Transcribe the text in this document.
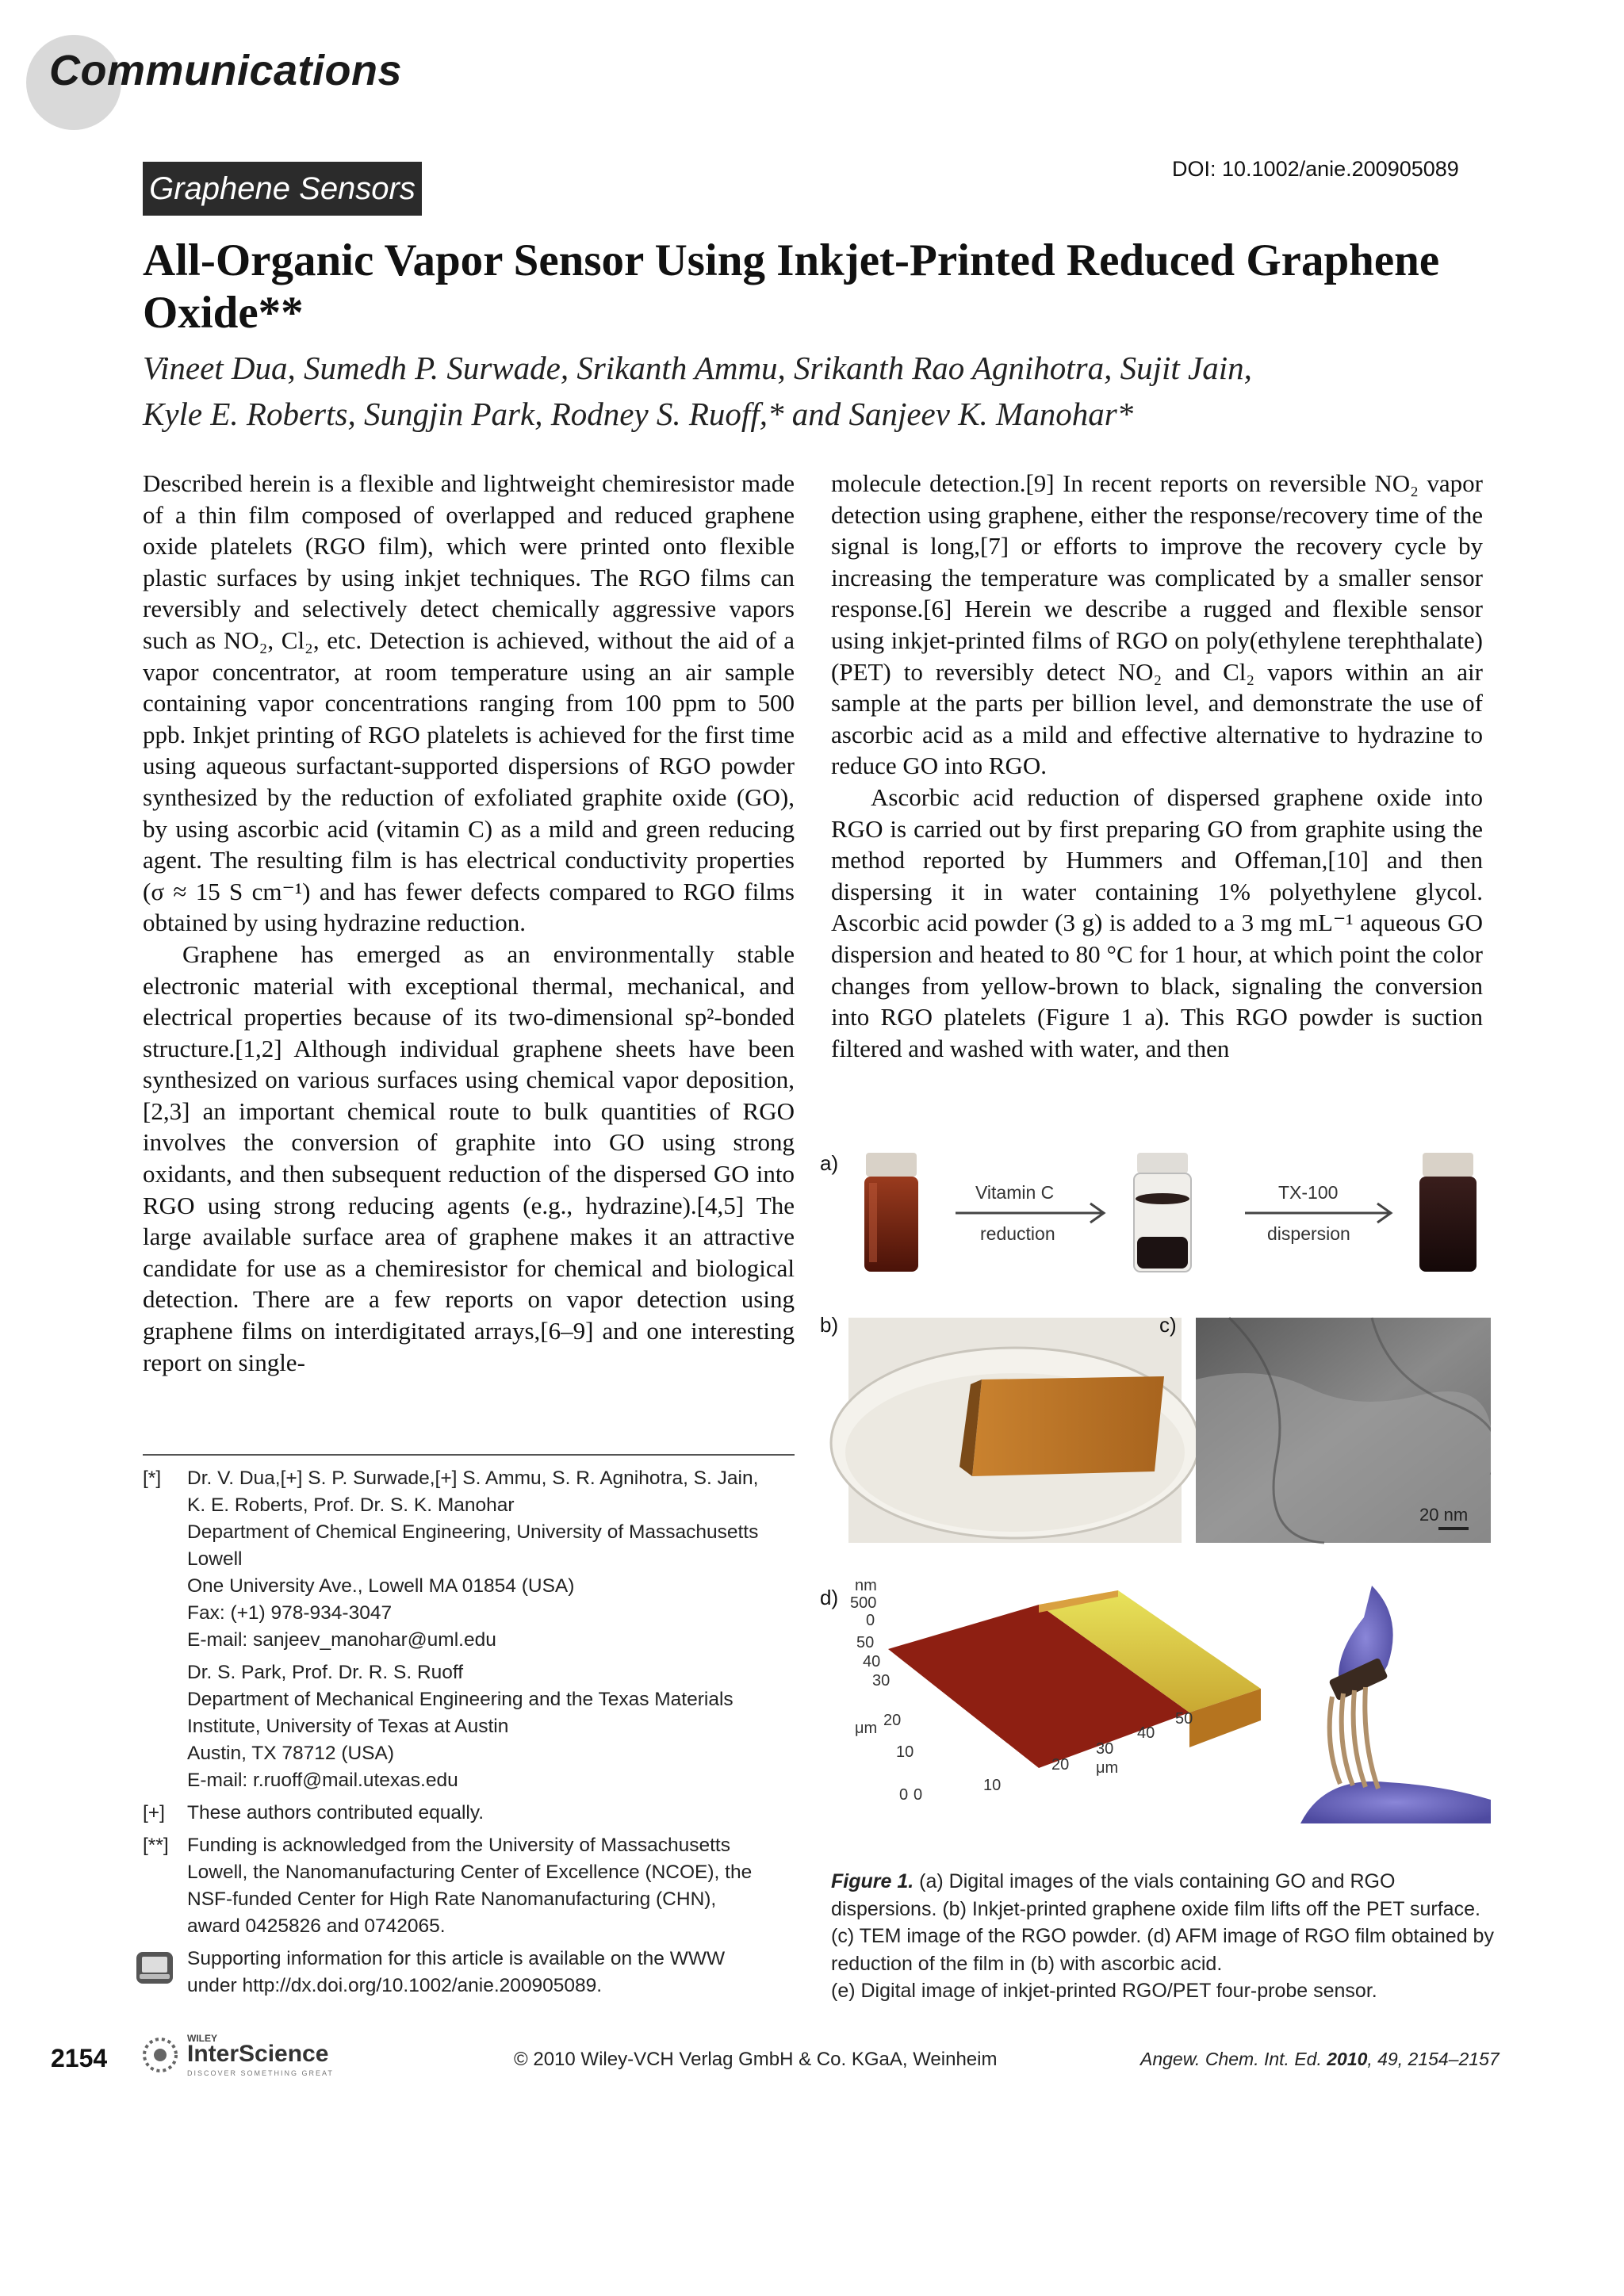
Communications
Graphene Sensors
DOI: 10.1002/anie.200905089
All-Organic Vapor Sensor Using Inkjet-Printed Reduced Graphene Oxide**
Vineet Dua, Sumedh P. Surwade, Srikanth Ammu, Srikanth Rao Agnihotra, Sujit Jain,
Kyle E. Roberts, Sungjin Park, Rodney S. Ruoff,* and Sanjeev K. Manohar*

Described herein is a flexible and lightweight chemiresistor made of a thin film composed of overlapped and reduced graphene oxide platelets (RGO film), which were printed onto flexible plastic surfaces by using inkjet techniques. The RGO films can reversibly and selectively detect chemically aggressive vapors such as NO₂, Cl₂, etc. Detection is achieved, without the aid of a vapor concentrator, at room temperature using an air sample containing vapor concentrations ranging from 100 ppm to 500 ppb. Inkjet printing of RGO platelets is achieved for the first time using aqueous surfactant-supported dispersions of RGO powder synthesized by the reduction of exfoliated graphite oxide (GO), by using ascorbic acid (vitamin C) as a mild and green reducing agent. The resulting film is has electrical conductivity properties (σ ≈ 15 S cm⁻¹) and has fewer defects compared to RGO films obtained by using hydrazine reduction.

Graphene has emerged as an environmentally stable electronic material with exceptional thermal, mechanical, and electrical properties because of its two-dimensional sp²-bonded structure.[1,2] Although individual graphene sheets have been synthesized on various surfaces using chemical vapor deposition,[2,3] an important chemical route to bulk quantities of RGO involves the conversion of graphite into GO using strong oxidants, and then subsequent reduction of the dispersed GO into RGO using strong reducing agents (e.g., hydrazine).[4,5] The large available surface area of graphene makes it an attractive candidate for use as a chemiresistor for chemical and biological detection. There are a few reports on vapor detection using graphene films on interdigitated arrays,[6–9] and one interesting report on single-

molecule detection.[9] In recent reports on reversible NO₂ vapor detection using graphene, either the response/recovery time of the signal is long,[7] or efforts to improve the recovery cycle by increasing the temperature was complicated by a smaller sensor response.[6] Herein we describe a rugged and flexible sensor using inkjet-printed films of RGO on poly(ethylene terephthalate) (PET) to reversibly detect NO₂ and Cl₂ vapors within an air sample at the parts per billion level, and demonstrate the use of ascorbic acid as a mild and effective alternative to hydrazine to reduce GO into RGO.

Ascorbic acid reduction of dispersed graphene oxide into RGO is carried out by first preparing GO from graphite using the method reported by Hummers and Offeman,[10] and then dispersing it in water containing 1% polyethylene glycol. Ascorbic acid powder (3 g) is added to a 3 mg mL⁻¹ aqueous GO dispersion and heated to 80 °C for 1 hour, at which point the color changes from yellow-brown to black, signaling the conversion into RGO platelets (Figure 1 a). This RGO powder is suction filtered and washed with water, and then

[*] Dr. V. Dua,[+] S. P. Surwade,[+] S. Ammu, S. R. Agnihotra, S. Jain,
K. E. Roberts, Prof. Dr. S. K. Manohar
Department of Chemical Engineering, University of Massachusetts
Lowell
One University Ave., Lowell MA 01854 (USA)
Fax: (+1) 978-934-3047
E-mail: sanjeev_manohar@uml.edu
Dr. S. Park, Prof. Dr. R. S. Ruoff
Department of Mechanical Engineering and the Texas Materials
Institute, University of Texas at Austin
Austin, TX 78712 (USA)
E-mail: r.ruoff@mail.utexas.edu
[+] These authors contributed equally.
[**] Funding is acknowledged from the University of Massachusetts
Lowell, the Nanomanufacturing Center of Excellence (NCOE), the
NSF-funded Center for High Rate Nanomanufacturing (CHN),
award 0425826 and 0742065.
Supporting information for this article is available on the WWW
under http://dx.doi.org/10.1002/anie.200905089.
a)
Vitamin C
reduction
TX-100
dispersion
b)	c)
20 nm
d) nm
500
0
50
40
30
20
μm
10
0 0
10
20
30
40
50
μm
Figure 1. (a) Digital images of the vials containing GO and RGO dispersions. (b) Inkjet-printed graphene oxide film lifts off the PET surface. (c) TEM image of the RGO powder. (d) AFM image of RGO film obtained by reduction of the film in (b) with ascorbic acid.
(e) Digital image of inkjet-printed RGO/PET four-probe sensor.
2154
WILEY
InterScience
DISCOVER SOMETHING GREAT
© 2010 Wiley-VCH Verlag GmbH & Co. KGaA, Weinheim	Angew. Chem. Int. Ed. 2010, 49, 2154–2157
